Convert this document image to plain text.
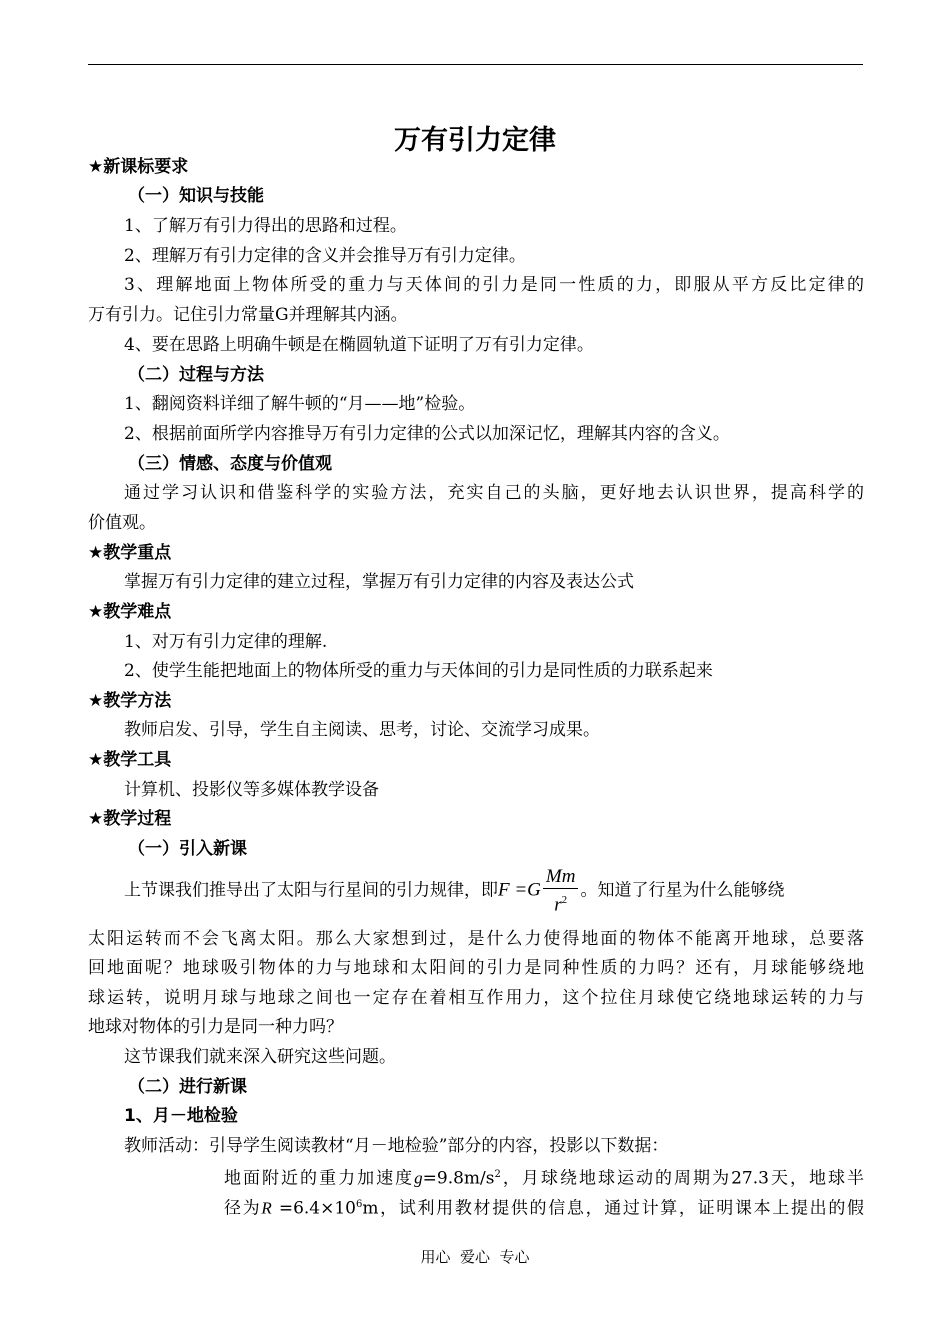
万有引力定律
★新课标要求
（一）知识与技能
1、了解万有引力得出的思路和过程。
2、理解万有引力定律的含义并会推导万有引力定律。
3、理解地面上物体所受的重力与天体间的引力是同一性质的力，即服从平方反比定律的
万有引力。记住引力常量G并理解其内涵。
4、要在思路上明确牛顿是在椭圆轨道下证明了万有引力定律。
（二）过程与方法
1、翻阅资料详细了解牛顿的“月——地”检验。
2、根据前面所学内容推导万有引力定律的公式以加深记忆，理解其内容的含义。
（三）情感、态度与价值观
通过学习认识和借鉴科学的实验方法，充实自己的头脑，更好地去认识世界，提高科学的
价值观。
★教学重点
掌握万有引力定律的建立过程，掌握万有引力定律的内容及表达公式
★教学难点
1、对万有引力定律的理解.
2、使学生能把地面上的物体所受的重力与天体间的引力是同性质的力联系起来
★教学方法
教师启发、引导，学生自主阅读、思考，讨论、交流学习成果。
★教学工具
计算机、投影仪等多媒体教学设备
★教学过程
（一）引入新课
上节课我们推导出了太阳与行星间的引力规律，即$F =G \frac{Mm}{r^2}$ 。知道了行星为什么能够绕
太阳运转而不会飞离太阳。那么大家想到过，是什么力使得地面的物体不能离开地球，总要落
回地面呢？地球吸引物体的力与地球和太阳间的引力是同种性质的力吗？还有，月球能够绕地
球运转，说明月球与地球之间也一定存在着相互作用力，这个拉住月球使它绕地球运转的力与
地球对物体的引力是同一种力吗？
这节课我们就来深入研究这些问题。
（二）进行新课
1、月－地检验
教师活动：引导学生阅读教材“月－地检验”部分的内容，投影以下数据：
地面附近的重力加速度$g=9.8m/s^2$，月球绕地球运动的周期为27.3天，地球半
径为$R =6.4\times 10^6m$，试利用教材提供的信息，通过计算，证明课本上提出的假
用心  爱心  专心
